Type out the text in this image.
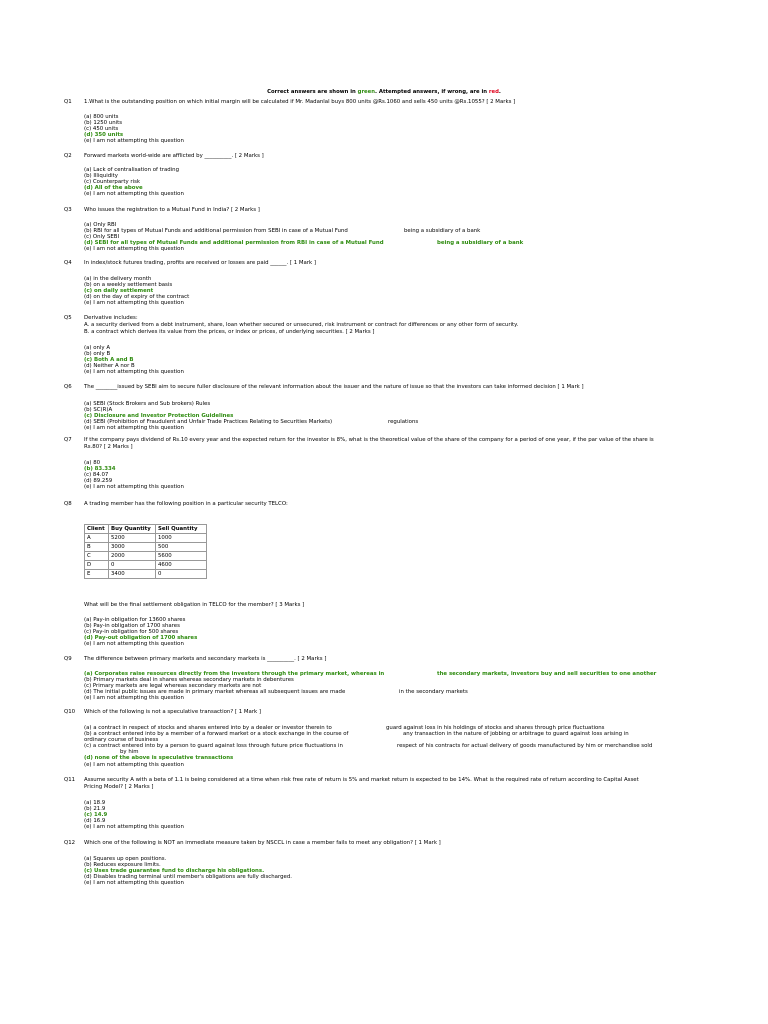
Correct answers are shown in green. Attempted answers, if wrong, are in red.
Q1 1.What is the outstanding position on which initial margin will be calculated if Mr. Madanlal buys 800 units @Rs.1060 and sells 450 units @Rs.1055? [ 2 Marks ]
(a) 800 units
(b) 1250 units
(c) 450 units
(d) 350 units
(e) I am not attempting this question
Q2 Forward markets world-wide are afflicted by __________. [ 2 Marks ]
(a) Lack of centralisation of trading
(b) Illiquidity
(c) Counterparty risk
(d) All of the above
(e) I am not attempting this question
Q3 Who issues the registration to a Mutual Fund in India? [ 2 Marks ]
(a) Only RBI
(b) RBI for all types of Mutual Funds and additional permission from SEBI in case of a Mutual Fund	being a subsidiary of a bank
(c) Only SEBI
(d) SEBI for all types of Mutual Funds and additional permission from RBI in case of a Mutual Fund	being a subsidiary of a bank
(e) I am not attempting this question
Q4 In index/stock futures trading, profits are received or losses are paid ______. [ 1 Mark ]
(a) in the delivery month
(b) on a weekly settlement basis
(c) on daily settlement
(d) on the day of expiry of the contract
(e) I am not attempting this question
Q5 Derivative includes:
A. a security derived from a debt instrument, share, loan whether secured or unsecured, risk instrument or contract for differences or any other form of security.
B. a contract which derives its value from the prices, or index or prices, of underlying securities. [ 2 Marks ]
(a) only A
(b) only B
(c) Both A and B
(d) Neither A nor B
(e) I am not attempting this question
Q6 The ________issued by SEBI aim to secure fuller disclosure of the relevant information about the issuer and the nature of issue so that the investors can take informed decision [ 1 Mark ]
(a) SEBI (Stock Brokers and Sub brokers) Rules
(b) SC(R)A
(c) Disclosure and Investor Protection Guidelines
(d) SEBI (Prohibition of Fraudulent and Unfair Trade Practices Relating to Securities Markets)	regulations
(e) I am not attempting this question
Q7 If the company pays dividend of Rs.10 every year and the expected return for the investor is 8%, what is the theoretical value of the share of the company for a period of one year, if the par value of the share is
Rs.80? [ 2 Marks ]
(a) 80
(b) 83.334
(c) 84.07
(d) 89.259
(e) I am not attempting this question
Q8 A trading member has the following position in a particular security TELCO:
Client	Buy Quantity	Sell Quantity
A	5200	1000
B	3000	500
C	2000	5600
D	0	4600
E	3400	0
What will be the final settlement obligation in TELCO for the member? [ 3 Marks ]
(a) Pay-in obligation for 13600 shares
(b) Pay-in obligation of 1700 shares
(c) Pay-in obligation for 500 shares
(d) Pay-out obligation of 1700 shares
(e) I am not attempting this question
Q9 The difference between primary markets and secondary markets is __________. [ 2 Marks ]
(a) Corporates raise resources directly from the investors through the primary market, whereas in	the secondary markets, investors buy and sell securities to one another
(b) Primary markets deal in shares whereas secondary markets in debentures
(c) Primary markets are legal whereas secondary markets are not
(d) The initial public issues are made in primary market whereas all subsequent issues are made	in the secondary markets
(e) I am not attempting this question
Q10 Which of the following is not a speculative transaction? [ 1 Mark ]
(a) a contract in respect of stocks and shares entered into by a dealer or investor therein to	guard against loss in his holdings of stocks and shares through price fluctuations
(b) a contract entered into by a member of a forward market or a stock exchange in the course of	any transaction in the nature of jobbing or arbitrage to guard against loss arising in
ordinary course of business
(c) a contract entered into by a person to guard against loss through future price fluctuations in	respect of his contracts for actual delivery of goods manufactured by him or merchandise sold
by him
(d) none of the above is speculative transactions
(e) I am not attempting this question
Q11 Assume security A with a beta of 1.1 is being considered at a time when risk free rate of return is 5% and market return is expected to be 14%. What is the required rate of return according to Capital Asset
Pricing Model? [ 2 Marks ]
(a) 18.9
(b) 21.9
(c) 14.9
(d) 16.9
(e) I am not attempting this question
Q12 Which one of the following is NOT an immediate measure taken by NSCCL in case a member fails to meet any obligation? [ 1 Mark ]
(a) Squares up open positions.
(b) Reduces exposure limits.
(c) Uses trade guarantee fund to discharge his obligations.
(d) Disables trading terminal until member's obligations are fully discharged.
(e) I am not attempting this question
